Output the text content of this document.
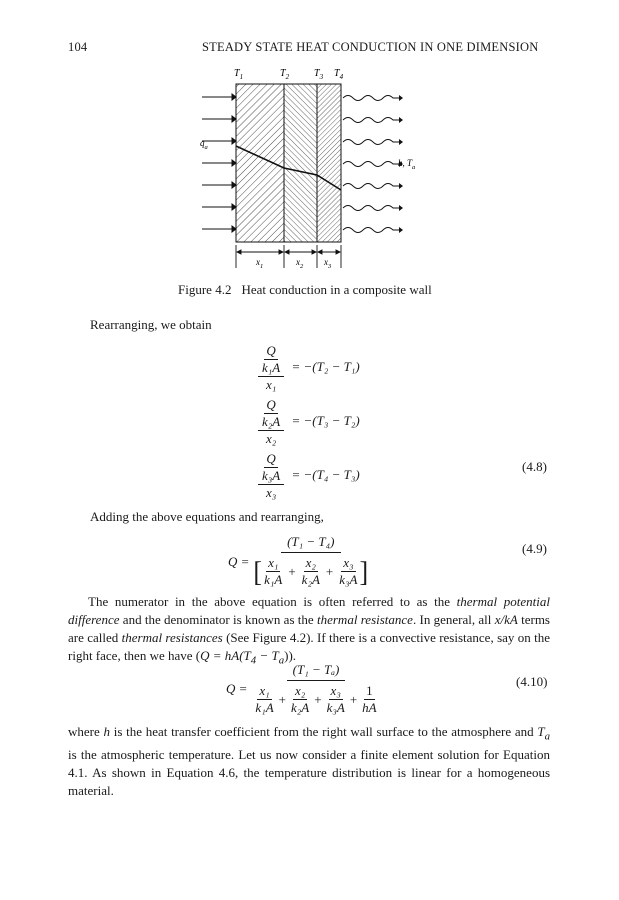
104	STEADY STATE HEAT CONDUCTION IN ONE DIMENSION
$T_1$	$T_2$ $T_3$ $T_4$
$q_a$
h, $T_a$
$x_1$	$x_2$ $x_3$
Figure 4.2 Heat conduction in a composite wall
Rearranging, we obtain
$\frac{\frac{Q}{\text{k₁A}}}{\text{x₁}} = -(T_2 - T_1)$
$\frac{\frac{Q}{\text{k₂A}}}{\text{x₂}} = -(T_3 - T_2)$
$\frac{\frac{Q}{\text{k₃A}}}{\text{x₃}} = -(T_4 - T_3)$
(4.8)
Adding the above equations and rearranging,
Q =
(T₁ − T₄)
[ $\frac{\text{x₁}}{\text{k₁A}} + \frac{\text{x₂}}{\text{k₂A}} + \frac{\text{x₃}}{\text{k₃A}}$ ]
(4.9)
The numerator in the above equation is often referred to as the thermal potential difference and the denominator is known as the thermal resistance. In general, all x/kA terms are called thermal resistances (See Figure 4.2). If there is a convective resistance, say on the right face, then we have $(Q = hA(T_4 - T_a))$.
Q =
(T₁ − Tₐ)
$\frac{\text{x₁}}{\text{k₁A}} + \frac{\text{x₂}}{\text{k₂A}} + \frac{\text{x₃}}{\text{k₃A}} + \frac{1}{hA}$
(4.10)
where h is the heat transfer coefficient from the right wall surface to the atmosphere and $T_a$ is the atmospheric temperature. Let us now consider a finite element solution for Equation 4.1. As shown in Equation 4.6, the temperature distribution is linear for a homogeneous material.
